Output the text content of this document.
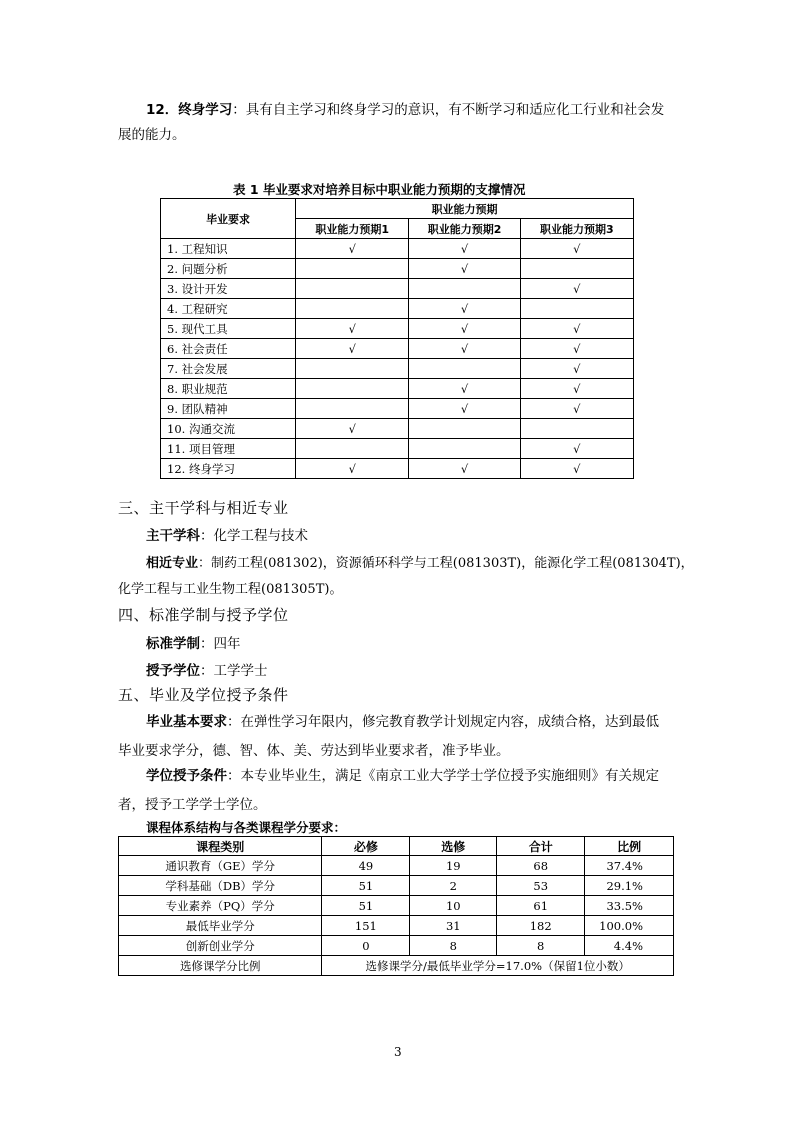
12．终身学习：具有自主学习和终身学习的意识，有不断学习和适应化工行业和社会发
展的能力。
表 1 毕业要求对培养目标中职业能力预期的支撑情况
毕业要求	职业能力预期		
	职业能力预期1	职业能力预期2	职业能力预期3
1. 工程知识	√	√	√
2. 问题分析		√	
3. 设计开发			√
4. 工程研究		√	
5. 现代工具	√	√	√
6. 社会责任	√	√	√
7. 社会发展			√
8. 职业规范		√	√
9. 团队精神		√	√
10. 沟通交流	√		
11. 项目管理			√
12. 终身学习	√	√	√
三、主干学科与相近专业
主干学科：化学工程与技术
相近专业：制药工程(081302)，资源循环科学与工程(081303T)，能源化学工程(081304T)，
化学工程与工业生物工程(081305T)。
四、标准学制与授予学位
标准学制：四年
授予学位：工学学士
五、毕业及学位授予条件
毕业基本要求：在弹性学习年限内，修完教育教学计划规定内容，成绩合格，达到最低
毕业要求学分，德、智、体、美、劳达到毕业要求者，准予毕业。
学位授予条件：本专业毕业生，满足《南京工业大学学士学位授予实施细则》有关规定
者，授予工学学士学位。
课程体系结构与各类课程学分要求：
课程类别	必修	选修	合计	比例
通识教育（GE）学分	49	19	68	37.4%
学科基础（DB）学分	51	2	53	29.1%
专业素养（PQ）学分	51	10	61	33.5%
最低毕业学分	151	31	182	100.0%
创新创业学分	0	8	8	4.4%
选修课学分比例	选修课学分/最低毕业学分=17.0%（保留1位小数）			
3
